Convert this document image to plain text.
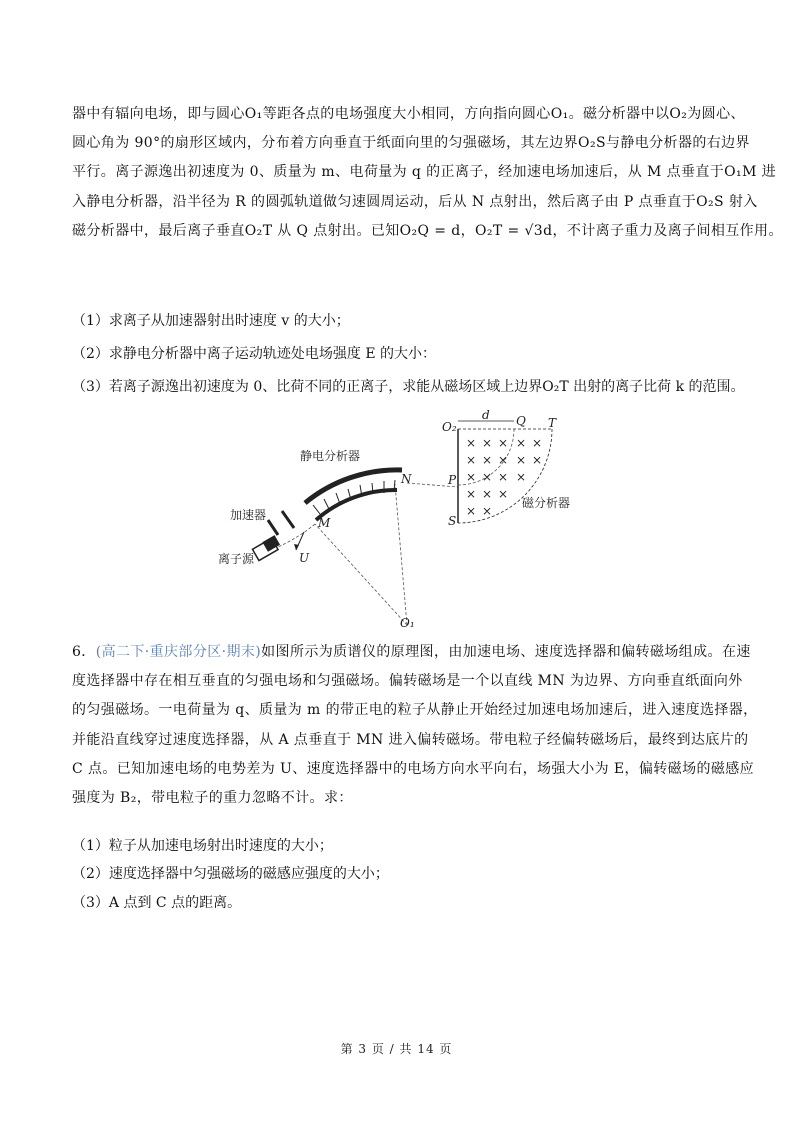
器中有辐向电场，即与圆心O₁等距各点的电场强度大小相同，方向指向圆心O₁。磁分析器中以O₂为圆心、
圆心角为 90°的扇形区域内，分布着方向垂直于纸面向里的匀强磁场，其左边界O₂S与静电分析器的右边界
平行。离子源逸出初速度为 0、质量为 m、电荷量为 q 的正离子，经加速电场加速后，从 M 点垂直于O₁M 进
入静电分析器，沿半径为 R 的圆弧轨道做匀速圆周运动，后从 N 点射出，然后离子由 P 点垂直于O₂S 射入
磁分析器中，最后离子垂直O₂T 从 Q 点射出。已知O₂Q = d，O₂T = √3d，不计离子重力及离子间相互作用。
（1）求离子从加速器射出时速度 v 的大小；
（2）求静电分析器中离子运动轨迹处电场强度 E 的大小：
（3）若离子源逸出初速度为 0、比荷不同的正离子，求能从磁场区域上边界O₂T 出射的离子比荷 k 的范围。
× × × × ×
× × × × ×
× × × ×
× ×
×
× ×
静电分析器
加速器
离子源
磁分析器
M
N
U
O₁
O₂
d Q T
P
S
6．(高二下·重庆部分区·期末)如图所示为质谱仪的原理图，由加速电场、速度选择器和偏转磁场组成。在速
度选择器中存在相互垂直的匀强电场和匀强磁场。偏转磁场是一个以直线 MN 为边界、方向垂直纸面向外
的匀强磁场。一电荷量为 q、质量为 m 的带正电的粒子从静止开始经过加速电场加速后，进入速度选择器，
并能沿直线穿过速度选择器，从 A 点垂直于 MN 进入偏转磁场。带电粒子经偏转磁场后，最终到达底片的
C 点。已知加速电场的电势差为 U、速度选择器中的电场方向水平向右，场强大小为 E，偏转磁场的磁感应
强度为 B₂，带电粒子的重力忽略不计。求：
（1）粒子从加速电场射出时速度的大小；
（2）速度选择器中匀强磁场的磁感应强度的大小；
（3）A 点到 C 点的距离。
第 3 页 / 共 14 页
